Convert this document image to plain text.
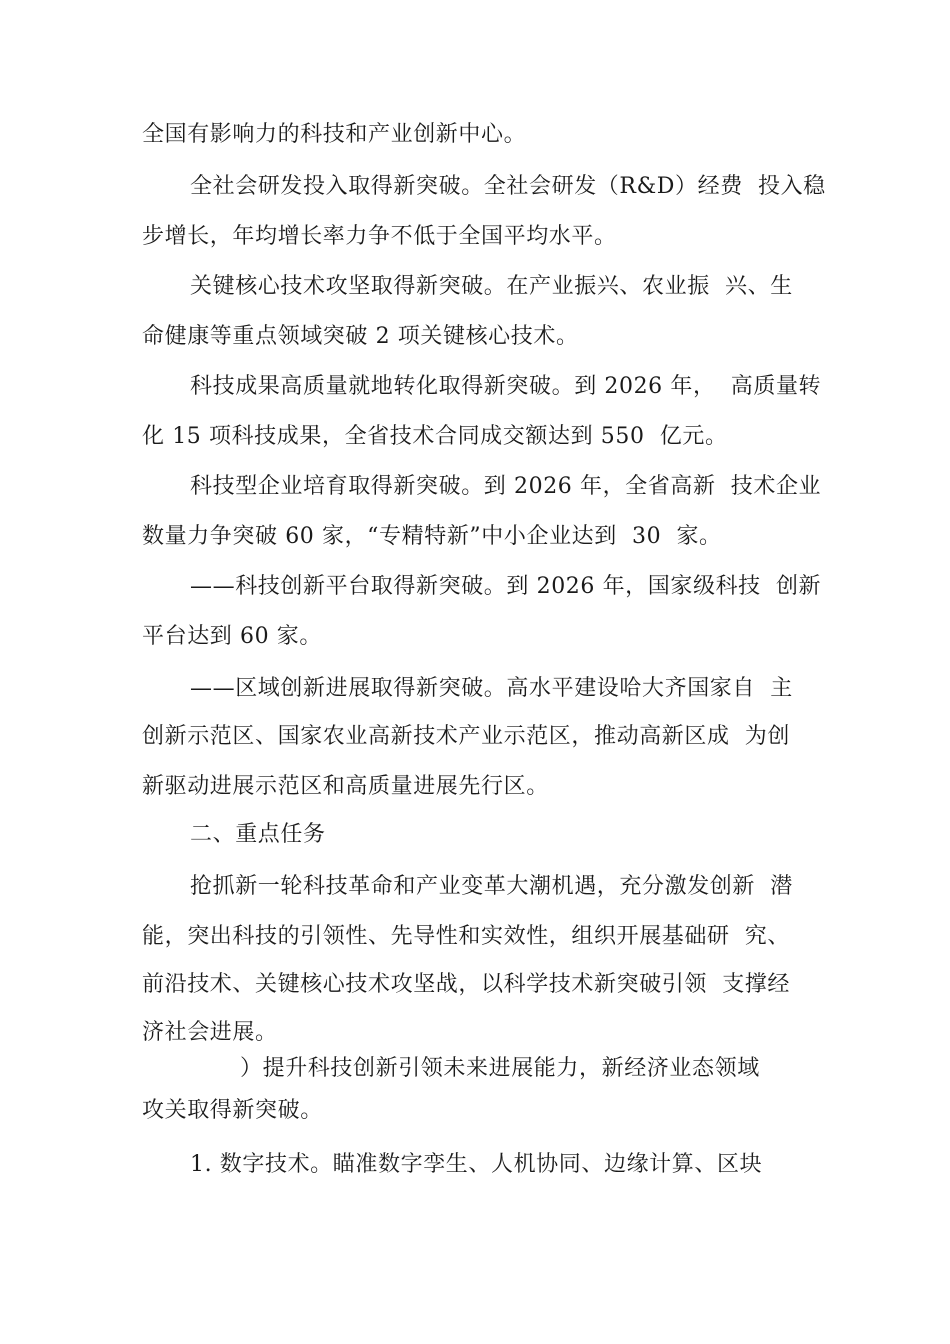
全国有影响力的科技和产业创新中心。
全社会研发投入取得新突破。全社会研发（R&D）经费  投入稳
步增长，年均增长率力争不低于全国平均水平。
关键核心技术攻坚取得新突破。在产业振兴、农业振  兴、生
命健康等重点领域突破 2 项关键核心技术。
科技成果高质量就地转化取得新突破。到 2026 年，  高质量转
化 15 项科技成果，全省技术合同成交额达到 550  亿元。
科技型企业培育取得新突破。到 2026 年，全省高新  技术企业
数量力争突破 60 家，“专精特新”中小企业达到  30  家。
——科技创新平台取得新突破。到 2026 年，国家级科技  创新
平台达到 60 家。
——区域创新进展取得新突破。高水平建设哈大齐国家自  主
创新示范区、国家农业高新技术产业示范区，推动高新区成  为创
新驱动进展示范区和高质量进展先行区。
二、重点任务
抢抓新一轮科技革命和产业变革大潮机遇，充分激发创新  潜
能，突出科技的引领性、先导性和实效性，组织开展基础研  究、
前沿技术、关键核心技术攻坚战，以科学技术新突破引领  支撑经
济社会进展。
）提升科技创新引领未来进展能力，新经济业态领域
攻关取得新突破。
1. 数字技术。瞄准数字孪生、人机协同、边缘计算、区块
